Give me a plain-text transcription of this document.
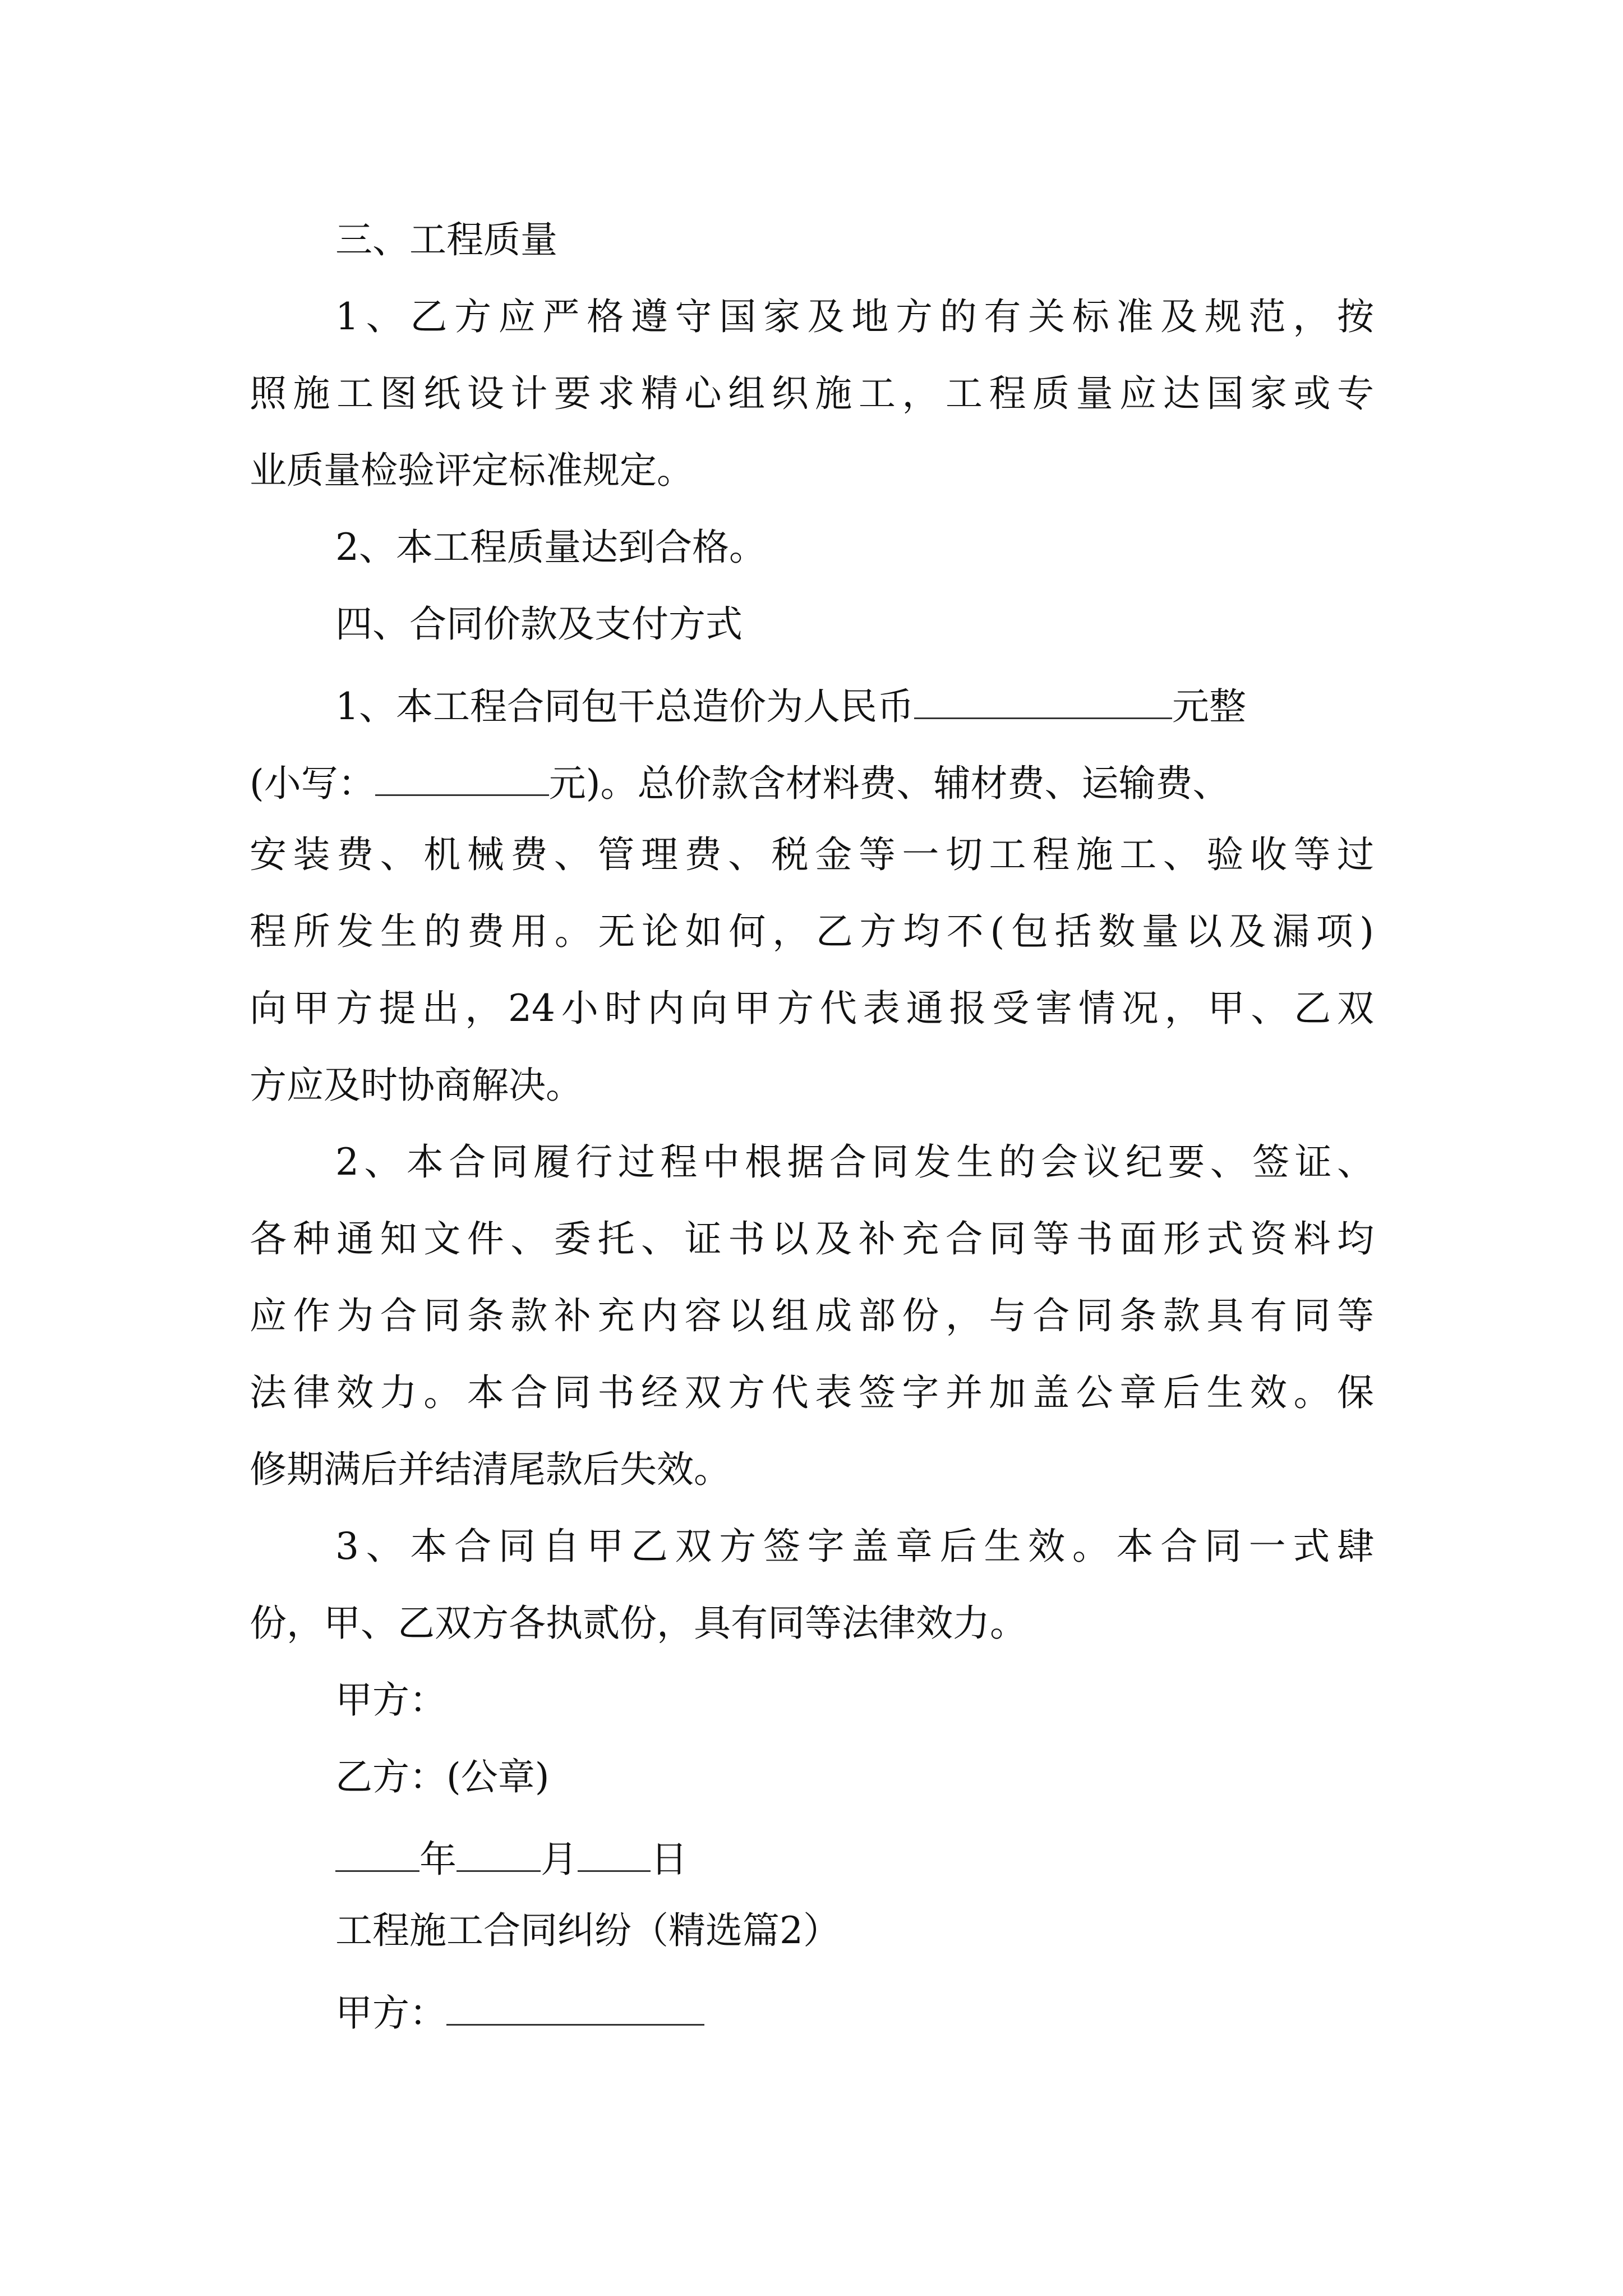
三、工程质量
1、乙方应严格遵守国家及地方的有关标准及规范，按
照施工图纸设计要求精心组织施工，工程质量应达国家或专
业质量检验评定标准规定。
2、本工程质量达到合格。
四、合同价款及支付方式
1、本工程合同包干总造价为人民币	元整
(小写：	元)。总价款含材料费、辅材费、运输费、
安装费、机械费、管理费、税金等一切工程施工、验收等过
程所发生的费用。无论如何，乙方均不(包括数量以及漏项)
向甲方提出，24小时内向甲方代表通报受害情况，甲、乙双
方应及时协商解决。
2、本合同履行过程中根据合同发生的会议纪要、签证、
各种通知文件、委托、证书以及补充合同等书面形式资料均
应作为合同条款补充内容以组成部份，与合同条款具有同等
法律效力。本合同书经双方代表签字并加盖公章后生效。保
修期满后并结清尾款后失效。
3、本合同自甲乙双方签字盖章后生效。本合同一式肆
份，甲、乙双方各执贰份，具有同等法律效力。
甲方：
乙方：(公章)
年 月 日
工程施工合同纠纷（精选篇2）
甲方：
